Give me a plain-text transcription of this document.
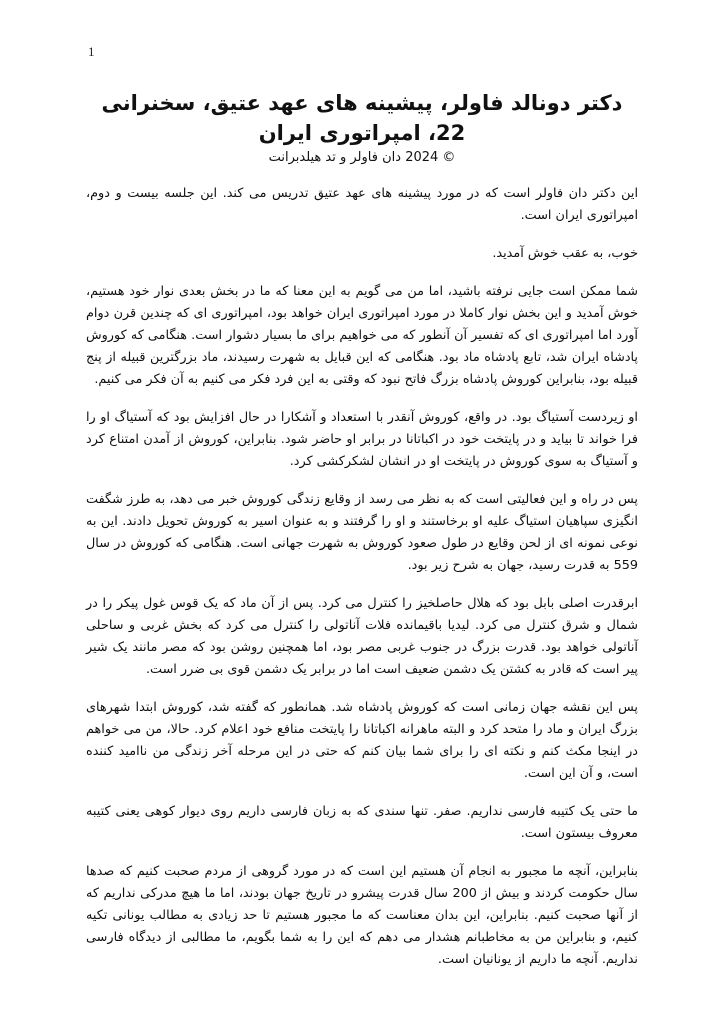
1
دکتر دونالد فاولر، پیشینه های عهد عتیق، سخنرانی 22، امپراتوری ایران

© 2024 دان فاولر و تد هیلدبرانت

این دکتر دان فاولر است که در مورد پیشینه های عهد عتیق تدریس می کند. این جلسه بیست و دوم، امپراتوری ایران است.

خوب، به عقب خوش آمدید.

شما ممکن است جایی نرفته باشید، اما من می گویم به این معنا که ما در بخش بعدی نوار خود هستیم، خوش آمدید و این بخش نوار کاملا در مورد امپراتوری ایران خواهد بود، امپراتوری ای که چندین قرن دوام آورد اما امپراتوری ای که تفسیر آن آنطور که می خواهیم برای ما بسیار دشوار است. هنگامی که کوروش پادشاه ایران شد، تابع پادشاه ماد بود. هنگامی که این قبایل به شهرت رسیدند، ماد بزرگترین قبیله از پنج قبیله بود، بنابراین کوروش پادشاه بزرگ فاتح نبود که وقتی به این فرد فکر می کنیم به آن فکر می کنیم.

او زیردست آستیاگ بود. در واقع، کوروش آنقدر با استعداد و آشکارا در حال افزایش بود که آستیاگ او را فرا خواند تا بیاید و در پایتخت خود در اکباتانا در برابر او حاضر شود. بنابراین، کوروش از آمدن امتناع کرد و آستیاگ به سوی کوروش در پایتخت او در انشان لشکرکشی کرد.

پس در راه و این فعالیتی است که به نظر می رسد از وقایع زندگی کوروش خبر می دهد، به طرز شگفت انگیزی سپاهیان استیاگ علیه او برخاستند و او را گرفتند و به عنوان اسیر به کوروش تحویل دادند. این به نوعی نمونه ای از لحن وقایع در طول صعود کوروش به شهرت جهانی است. هنگامی که کوروش در سال 559 به قدرت رسید، جهان به شرح زیر بود.

ابرقدرت اصلی بابل بود که هلال حاصلخیز را کنترل می کرد. پس از آن ماد که یک قوس غول پیکر را در شمال و شرق کنترل می کرد. لیدیا باقیمانده فلات آناتولی را کنترل می کرد که بخش غربی و ساحلی آناتولی خواهد بود. قدرت بزرگ در جنوب غربی مصر بود، اما همچنین روشن بود که مصر مانند یک شیر پیر است که قادر به کشتن یک دشمن ضعیف است اما در برابر یک دشمن قوی بی ضرر است.

پس این نقشه جهان زمانی است که کوروش پادشاه شد. همانطور که گفته شد، کوروش ابتدا شهرهای بزرگ ایران و ماد را متحد کرد و البته ماهرانه اکباتانا را پایتخت منافع خود اعلام کرد. حالا، من می خواهم در اینجا مکث کنم و نکته ای را برای شما بیان کنم که حتی در این مرحله آخر زندگی من ناامید کننده است، و آن این است.

ما حتی یک کتیبه فارسی نداریم. صفر. تنها سندی که به زبان فارسی داریم روی دیوار کوهی یعنی کتیبه معروف بیستون است.

بنابراین، آنچه ما مجبور به انجام آن هستیم این است که در مورد گروهی از مردم صحبت کنیم که صدها سال حکومت کردند و بیش از 200 سال قدرت پیشرو در تاریخ جهان بودند، اما ما هیچ مدرکی نداریم که از آنها صحبت کنیم. بنابراین، این بدان معناست که ما مجبور هستیم تا حد زیادی به مطالب یونانی تکیه کنیم، و بنابراین من به مخاطبانم هشدار می دهم که این را به شما بگویم، ما مطالبی از دیدگاه فارسی نداریم. آنچه ما داریم از یونانیان است.
